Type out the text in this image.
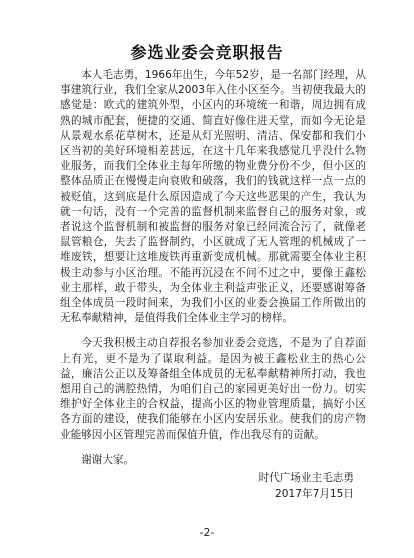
参选业委会竞职报告

本人毛志勇，1966年出生，今年52岁，是一名部门经理，从事建筑行业，我们全家从2003年入住小区至今。当初使我最大的感觉是：欧式的建筑外型，小区内的环境统一和谐，周边拥有成熟的城市配套，便捷的交通、简直好像住进天堂，而如今无论是从景观水系花草树木，还是从灯光照明、清洁、保安都和我们小区当初的美好环境相差甚远，在这十几年来我感觉几乎没什么物业服务，而我们全体业主每年所缴的物业费分份不少，但小区的整体品质正在慢慢走向衰败和破落，我们的钱就这样一点一点的被贬值，这到底是什么原因造成了今天这些恶果的产生，我认为就一句话，没有一个完善的监督机制来监督自己的服务对象，或者说这个监督机制和被监督的服务对象已经同流合污了，就像老鼠管粮仓，失去了监督制约，小区就成了无人管理的机械成了一堆废铁，想要让这堆废铁再重新变成机械。那就需要全体业主积极主动参与小区治理。不能再沉浸在不问不过之中，要像王鑫松业主那样，敢于带头，为全体业主利益声张正义，还要感谢筹备组全体成员一段时间来，为我们小区的业委会换届工作所做出的无私奉献精神，是值得我们全体业主学习的榜样。

今天我积极主动自荐报名参加业委会竞选，不是为了自荐面上有光，更不是为了谋取利益。是因为被王鑫松业主的热心公益，廉洁公正以及筹备组全体成员的无私奉献精神所打动，我也想用自己的满腔热情，为咱们自己的家园更美好出一份力。切实维护好全体业主的合权益，提高小区的物业管理质量，搞好小区各方面的建设，使我们能够在小区内安居乐业。使我们的房产物业能够因小区管理完善而保值升值，作出我尽有的贡献。

谢谢大家。

时代广场业主毛志勇
2017年7月15日
-2-
